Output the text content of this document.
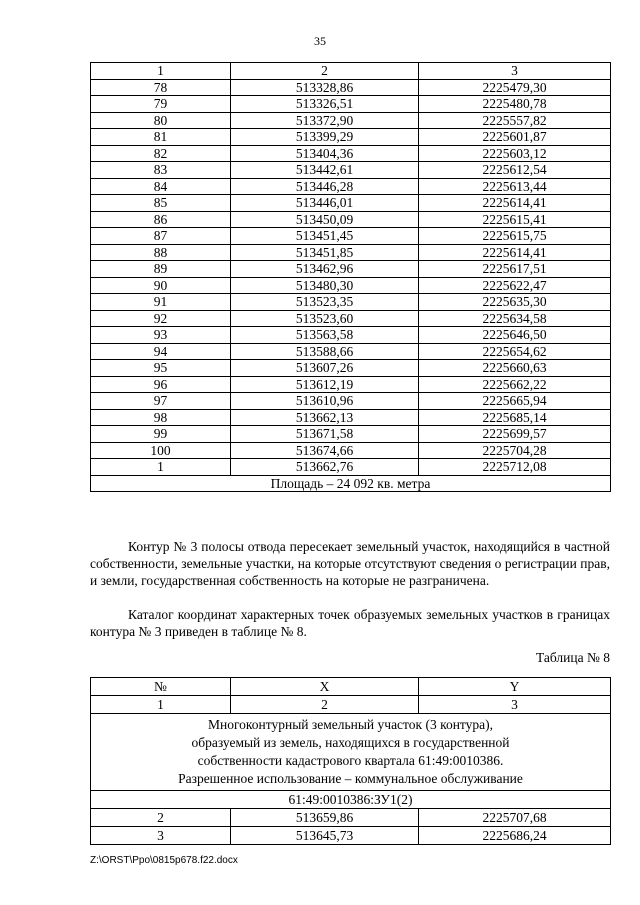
35
1	2	3
78	513328,86	2225479,30
79	513326,51	2225480,78
80	513372,90	2225557,82
81	513399,29	2225601,87
82	513404,36	2225603,12
83	513442,61	2225612,54
84	513446,28	2225613,44
85	513446,01	2225614,41
86	513450,09	2225615,41
87	513451,45	2225615,75
88	513451,85	2225614,41
89	513462,96	2225617,51
90	513480,30	2225622,47
91	513523,35	2225635,30
92	513523,60	2225634,58
93	513563,58	2225646,50
94	513588,66	2225654,62
95	513607,26	2225660,63
96	513612,19	2225662,22
97	513610,96	2225665,94
98	513662,13	2225685,14
99	513671,58	2225699,57
100	513674,66	2225704,28
1	513662,76	2225712,08
Площадь – 24 092 кв. метра		

Контур № 3 полосы отвода пересекает земельный участок, находящийся в частной собственности, земельные участки, на которые отсутствуют сведения о регистрации прав, и земли, государственная собственность на которые не разграничена.

Каталог координат характерных точек образуемых земельных участков в границах контура № 3 приведен в таблице № 8.

Таблица № 8
№	X	Y
1	2	3

Многоконтурный земельный участок (3 контура),
образуемый из земель, находящихся в государственной
собственности кадастрового квартала 61:49:0010386.
Разрешенное использование – коммунальное обслуживание		

61:49:0010386:ЗУ1(2)		
2	513659,86	2225707,68
3	513645,73	2225686,24
Z:\ORST\Ppo\0815p678.f22.docx
